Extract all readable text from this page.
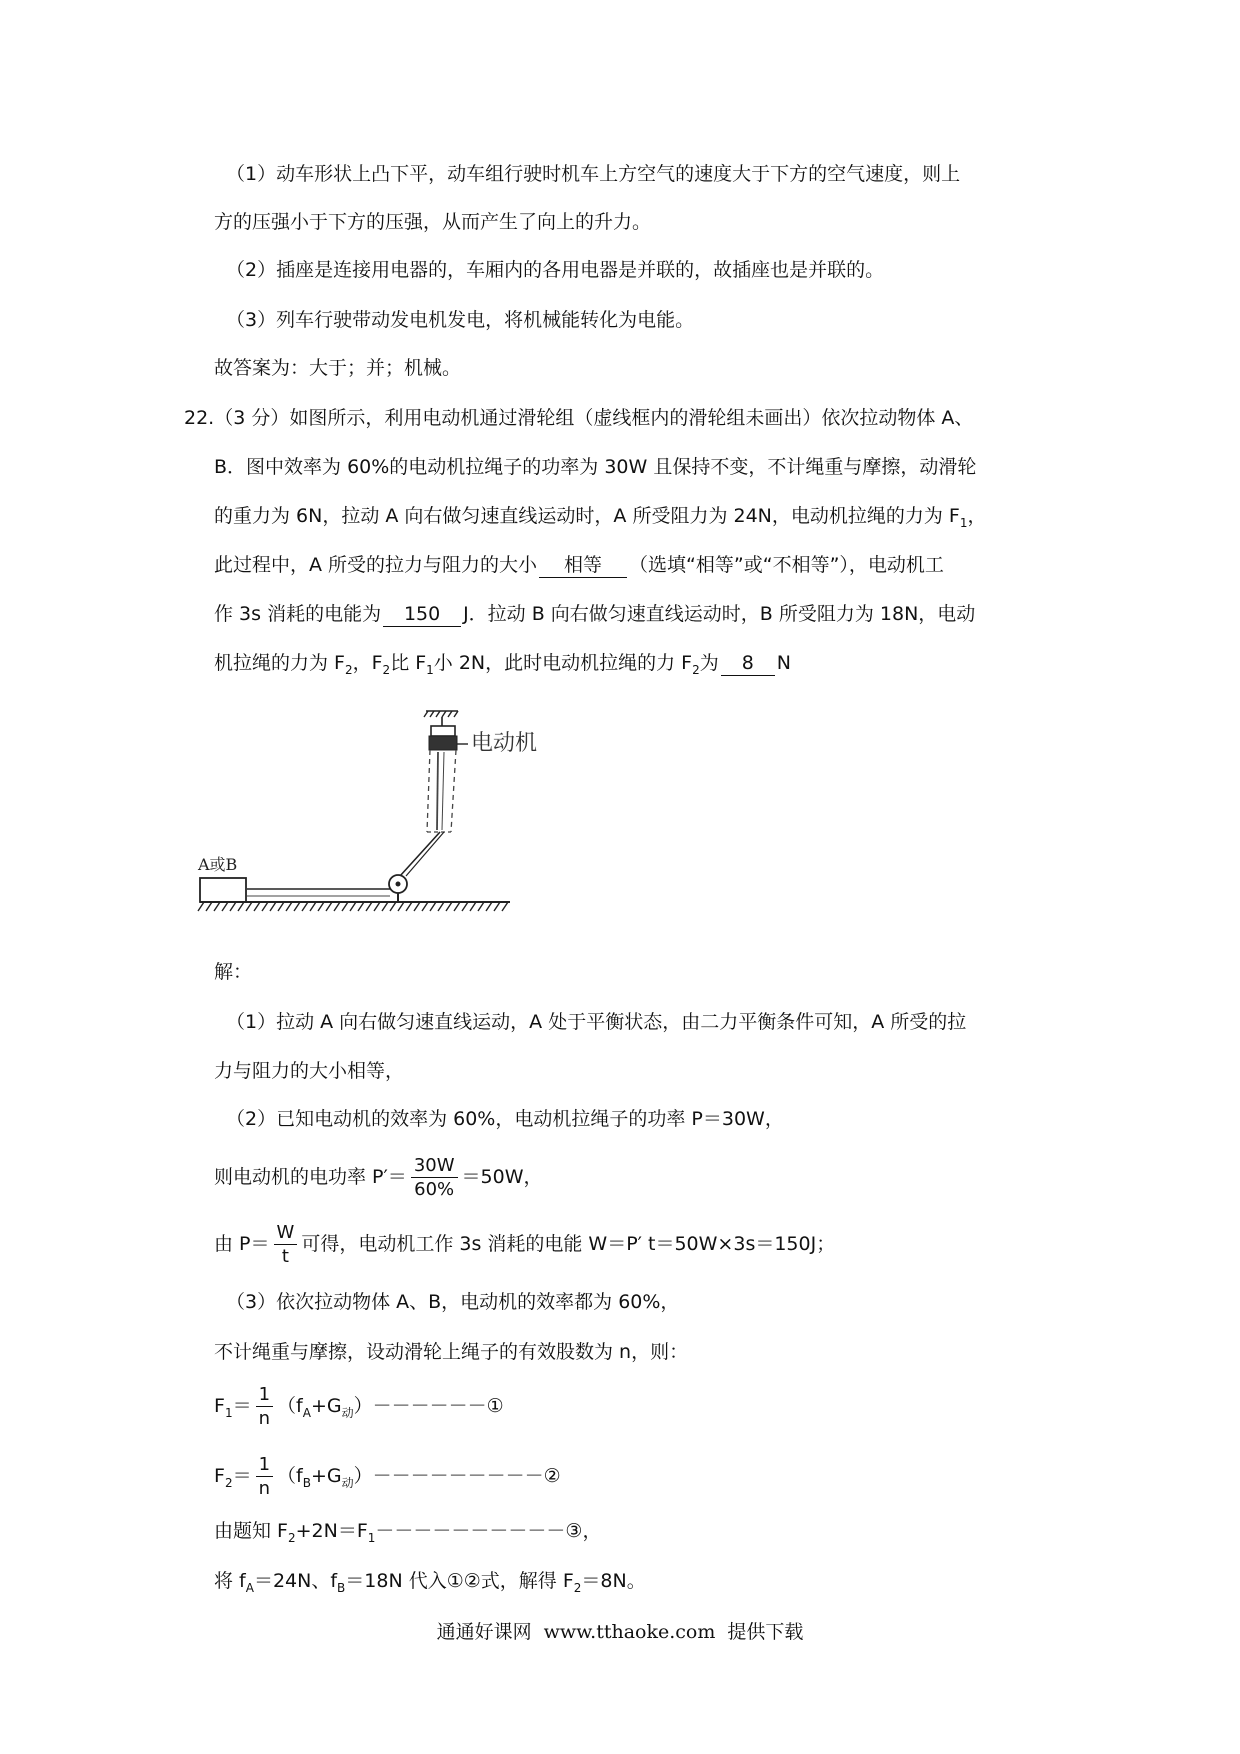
（1）动车形状上凸下平，动车组行驶时机车上方空气的速度大于下方的空气速度，则上
方的压强小于下方的压强，从而产生了向上的升力。
（2）插座是连接用电器的，车厢内的各用电器是并联的，故插座也是并联的。
（3）列车行驶带动发电机发电，将机械能转化为电能。
故答案为：大于；并；机械。
22.（3 分）如图所示，利用电动机通过滑轮组（虚线框内的滑轮组未画出）依次拉动物体 A、
B．图中效率为 60%的电动机拉绳子的功率为 30W 且保持不变，不计绳重与摩擦，动滑轮
的重力为 6N，拉动 A 向右做匀速直线运动时，A 所受阻力为 24N，电动机拉绳的力为 $F_1$，
此过程中，A 所受的拉力与阻力的大小 相等 （选填“相等”或“不相等”），电动机工
作 3s 消耗的电能为 150 J．拉动 B 向右做匀速直线运动时，B 所受阻力为 18N，电动
机拉绳的力为 $F_2$，$F_2$比 $F_1$小 2N，此时电动机拉绳的力 $F_2$为 8 N
电动机
A或B
解：
（1）拉动 A 向右做匀速直线运动，A 处于平衡状态，由二力平衡条件可知，A 所受的拉
力与阻力的大小相等，
（2）已知电动机的效率为 60%，电动机拉绳子的功率 P＝30W，
则电动机的电功率 $P'= \frac{30W}{60\%} =50W$，
由 $P= \frac{W}{t}$ 可得，电动机工作 3s 消耗的电能 W＝P′ t＝50W×3s＝150J；
（3）依次拉动物体 A、B，电动机的效率都为 60%，
不计绳重与摩擦，设动滑轮上绳子的有效股数为 n，则：
$F_1= \frac{1}{n}$ $(f_A+G_动)------①$
$F_2= \frac{1}{n}$ $(f_B+G_动)---------②$
由题知 $F_2+2N=F_1----------③$，
将 $f_A=24N$、$f_B=18N$ 代入①②式，解得 $F_2=8N$。
通通好课网 www.tthaoke.com 提供下载
